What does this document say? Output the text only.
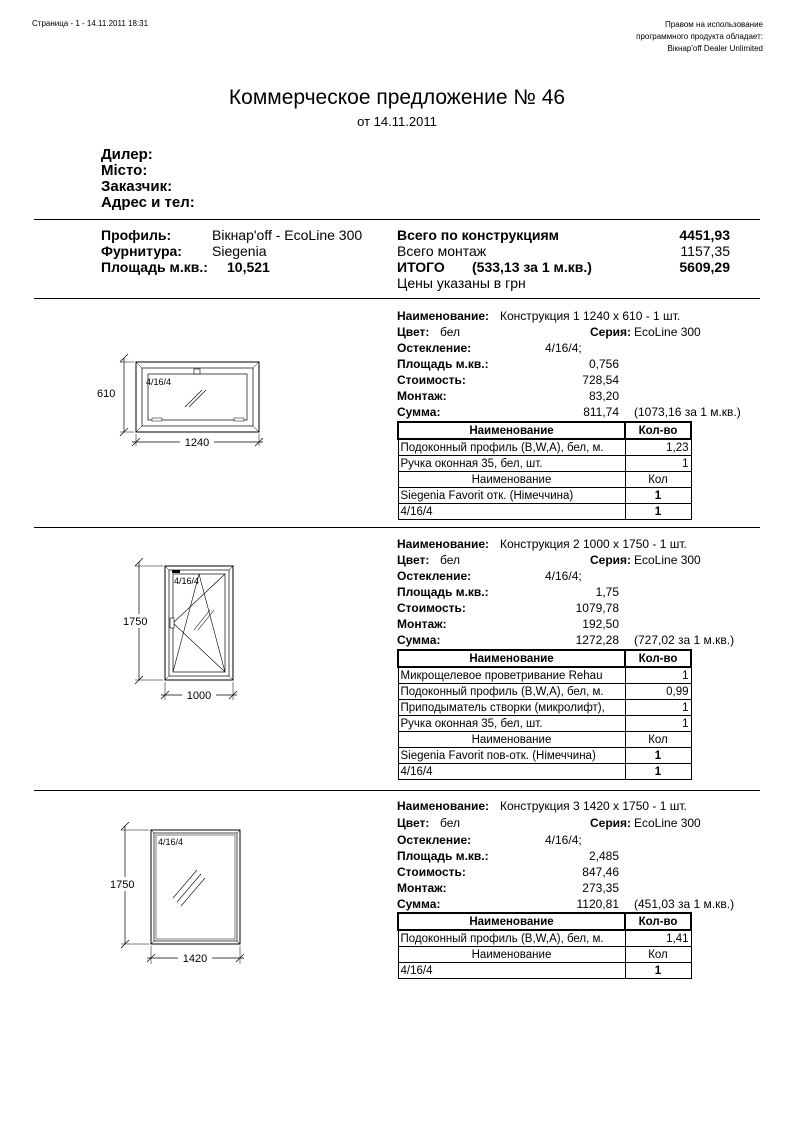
Страница - 1 - 14.11.2011 18:31	Правом на использование
программного продукта обладает:
Вікнар'off Dealer Unlimited
Коммерческое предложение № 46
от 14.11.2011
Дилер:
Місто:
Заказчик:
Адрес и тел:
Профиль:	Вікнар'off - EcoLine 300
Фурнитура: Siegenia
Площадь м.кв.: 10,521
Всего по конструкциям	4451,93
Всего монтаж	1157,35
ИТОГО (533,13 за 1 м.кв.)	5609,29
Цены указаны в грн
610
4/16/4
1240
Наименование: Конструкция 1 1240 х 610 - 1 шт.
Цвет: бел	Серия: EcoLine 300
Остекление:	4/16/4;
Площадь м.кв.:	0,756
Стоимость:	728,54
Монтаж:	83,20
Сумма:	811,74 (1073,16 за 1 м.кв.)
Наименование	Кол-во
Подоконный профиль (B,W,A), бел, м.	1,23
Ручка оконная 35, бел, шт.	1
Наименование	Кол
Siegenia Favorit отк. (Німеччина)	1
4/16/4	1
1750
4/16/4
1000
Наименование: Конструкция 2 1000 х 1750 - 1 шт.
Цвет: бел	Серия: EcoLine 300
Остекление:	4/16/4;
Площадь м.кв.:	1,75
Стоимость:	1079,78
Монтаж:	192,50
Сумма:	1272,28 (727,02 за 1 м.кв.)
Наименование	Кол-во
Микрощелевое проветривание Rehau	1
Подоконный профиль (B,W,A), бел, м.	0,99
Приподыматель створки (микролифт),	1
Ручка оконная 35, бел, шт.	1
Наименование	Кол
Siegenia Favorit пов-отк. (Німеччина)	1
4/16/4	1
1750
4/16/4
1420
Наименование: Конструкция 3 1420 х 1750 - 1 шт.
Цвет: бел	Серия: EcoLine 300
Остекление:	4/16/4;
Площадь м.кв.:	2,485
Стоимость:	847,46
Монтаж:	273,35
Сумма:	1120,81 (451,03 за 1 м.кв.)
Наименование	Кол-во
Подоконный профиль (B,W,A), бел, м.	1,41
Наименование	Кол
4/16/4	1
